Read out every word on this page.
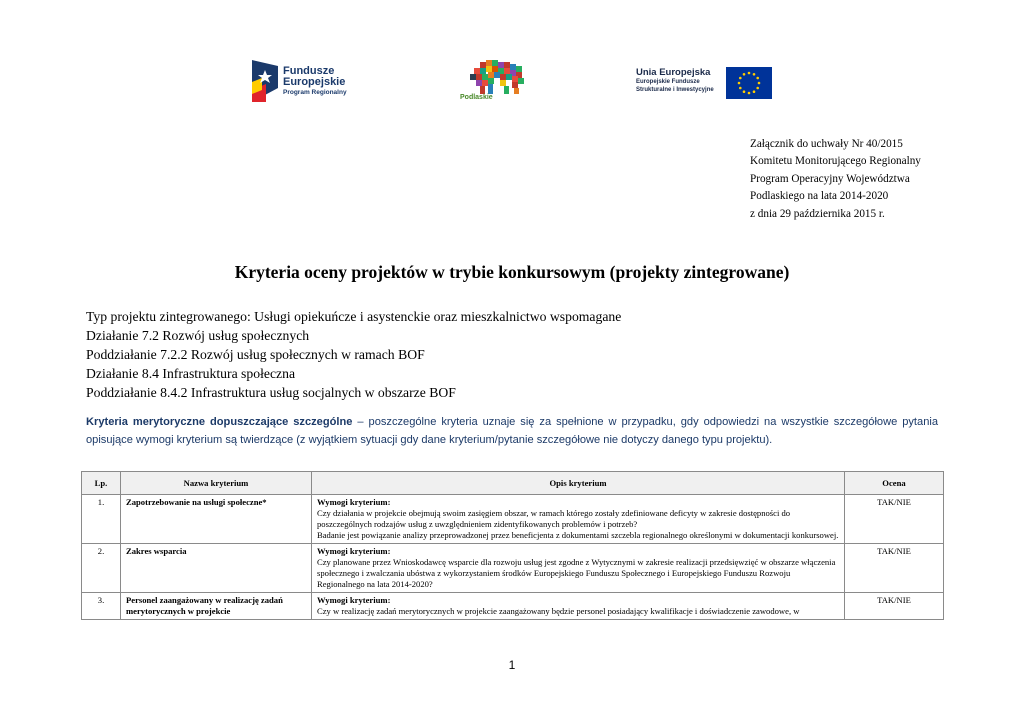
Fundusze
Europejskie
Program Regionalny
Podlaskie
Unia Europejska
Europejskie Fundusze
Strukturalne i Inwestycyjne
Załącznik do uchwały Nr 40/2015
Komitetu Monitorującego Regionalny
Program Operacyjny Województwa
Podlaskiego na lata 2014-2020
z dnia 29 października 2015 r.
Kryteria oceny projektów w trybie konkursowym (projekty zintegrowane)
Typ projektu zintegrowanego: Usługi opiekuńcze i asystenckie oraz mieszkalnictwo wspomagane
Działanie 7.2 Rozwój usług społecznych
Poddziałanie 7.2.2 Rozwój usług społecznych w ramach BOF
Działanie 8.4 Infrastruktura społeczna
Poddziałanie 8.4.2 Infrastruktura usług socjalnych w obszarze BOF
Kryteria merytoryczne dopuszczające szczególne – poszczególne kryteria uznaje się za spełnione w przypadku, gdy odpowiedzi na wszystkie szczegółowe pytania opisujące wymogi kryterium są twierdzące (z wyjątkiem sytuacji gdy dane kryterium/pytanie szczegółowe nie dotyczy danego typu projektu).
Lp.	Nazwa kryterium	Opis kryterium	Ocena
1.	Zapotrzebowanie na usługi społeczne*	Wymogi kryterium:
Czy działania w projekcie obejmują swoim zasięgiem obszar, w ramach którego zostały zdefiniowane deficyty w zakresie dostępności do poszczególnych rodzajów usług z uwzględnieniem zidentyfikowanych problemów i potrzeb?
Badanie jest powiązanie analizy przeprowadzonej przez beneficjenta z dokumentami szczebla regionalnego określonymi w dokumentacji konkursowej.	TAK/NIE
2.	Zakres wsparcia	Wymogi kryterium:
Czy planowane przez Wnioskodawcę wsparcie dla rozwoju usług jest zgodne z Wytycznymi w zakresie realizacji przedsięwzięć w obszarze włączenia społecznego i zwalczania ubóstwa z wykorzystaniem środków Europejskiego Funduszu Społecznego i Europejskiego Funduszu Rozwoju Regionalnego na lata 2014-2020?	TAK/NIE
3.	Personel zaangażowany w realizację zadań merytorycznych w projekcie	Wymogi kryterium:
Czy w realizację zadań merytorycznych w projekcie zaangażowany będzie personel posiadający kwalifikacje i doświadczenie zawodowe, w	TAK/NIE
1
